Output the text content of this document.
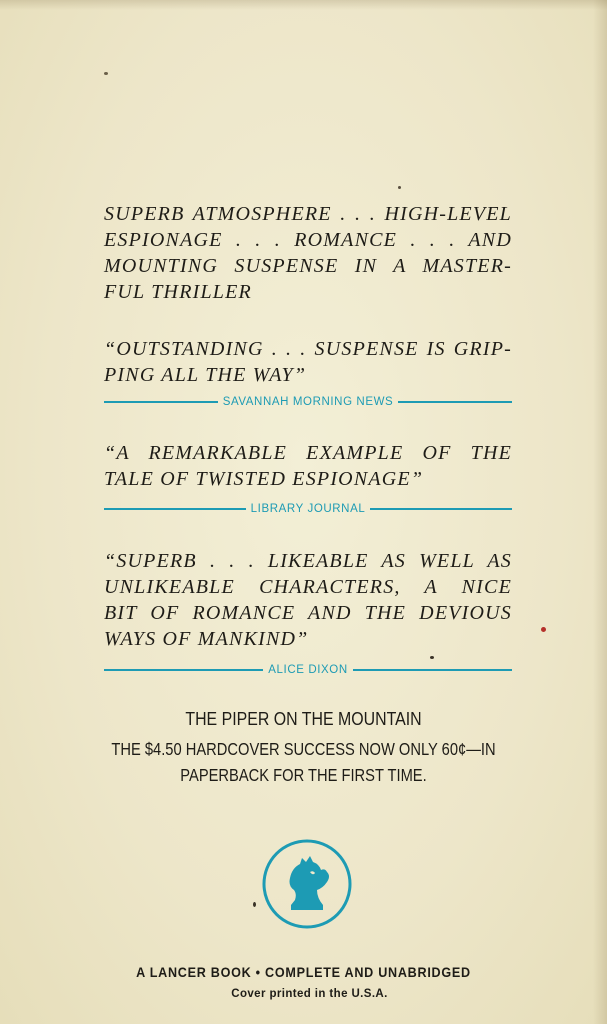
SUPERB ATMOSPHERE . . . HIGH-LEVEL
ESPIONAGE . . . ROMANCE . . . AND
MOUNTING SUSPENSE IN A MASTER-
FUL THRILLER

“OUTSTANDING . . . SUSPENSE IS GRIP-
PING ALL THE WAY”

SAVANNAH MORNING NEWS

“A REMARKABLE EXAMPLE OF THE
TALE OF TWISTED ESPIONAGE”

LIBRARY JOURNAL

“SUPERB . . . LIKEABLE AS WELL AS
UNLIKEABLE CHARACTERS, A NICE
BIT OF ROMANCE AND THE DEVIOUS
WAYS OF MANKIND”

ALICE DIXON

THE PIPER ON THE MOUNTAIN

THE $4.50 HARDCOVER SUCCESS NOW ONLY 60¢—IN

PAPERBACK FOR THE FIRST TIME.

A LANCER BOOK • COMPLETE AND UNABRIDGED

Cover printed in the U.S.A.
